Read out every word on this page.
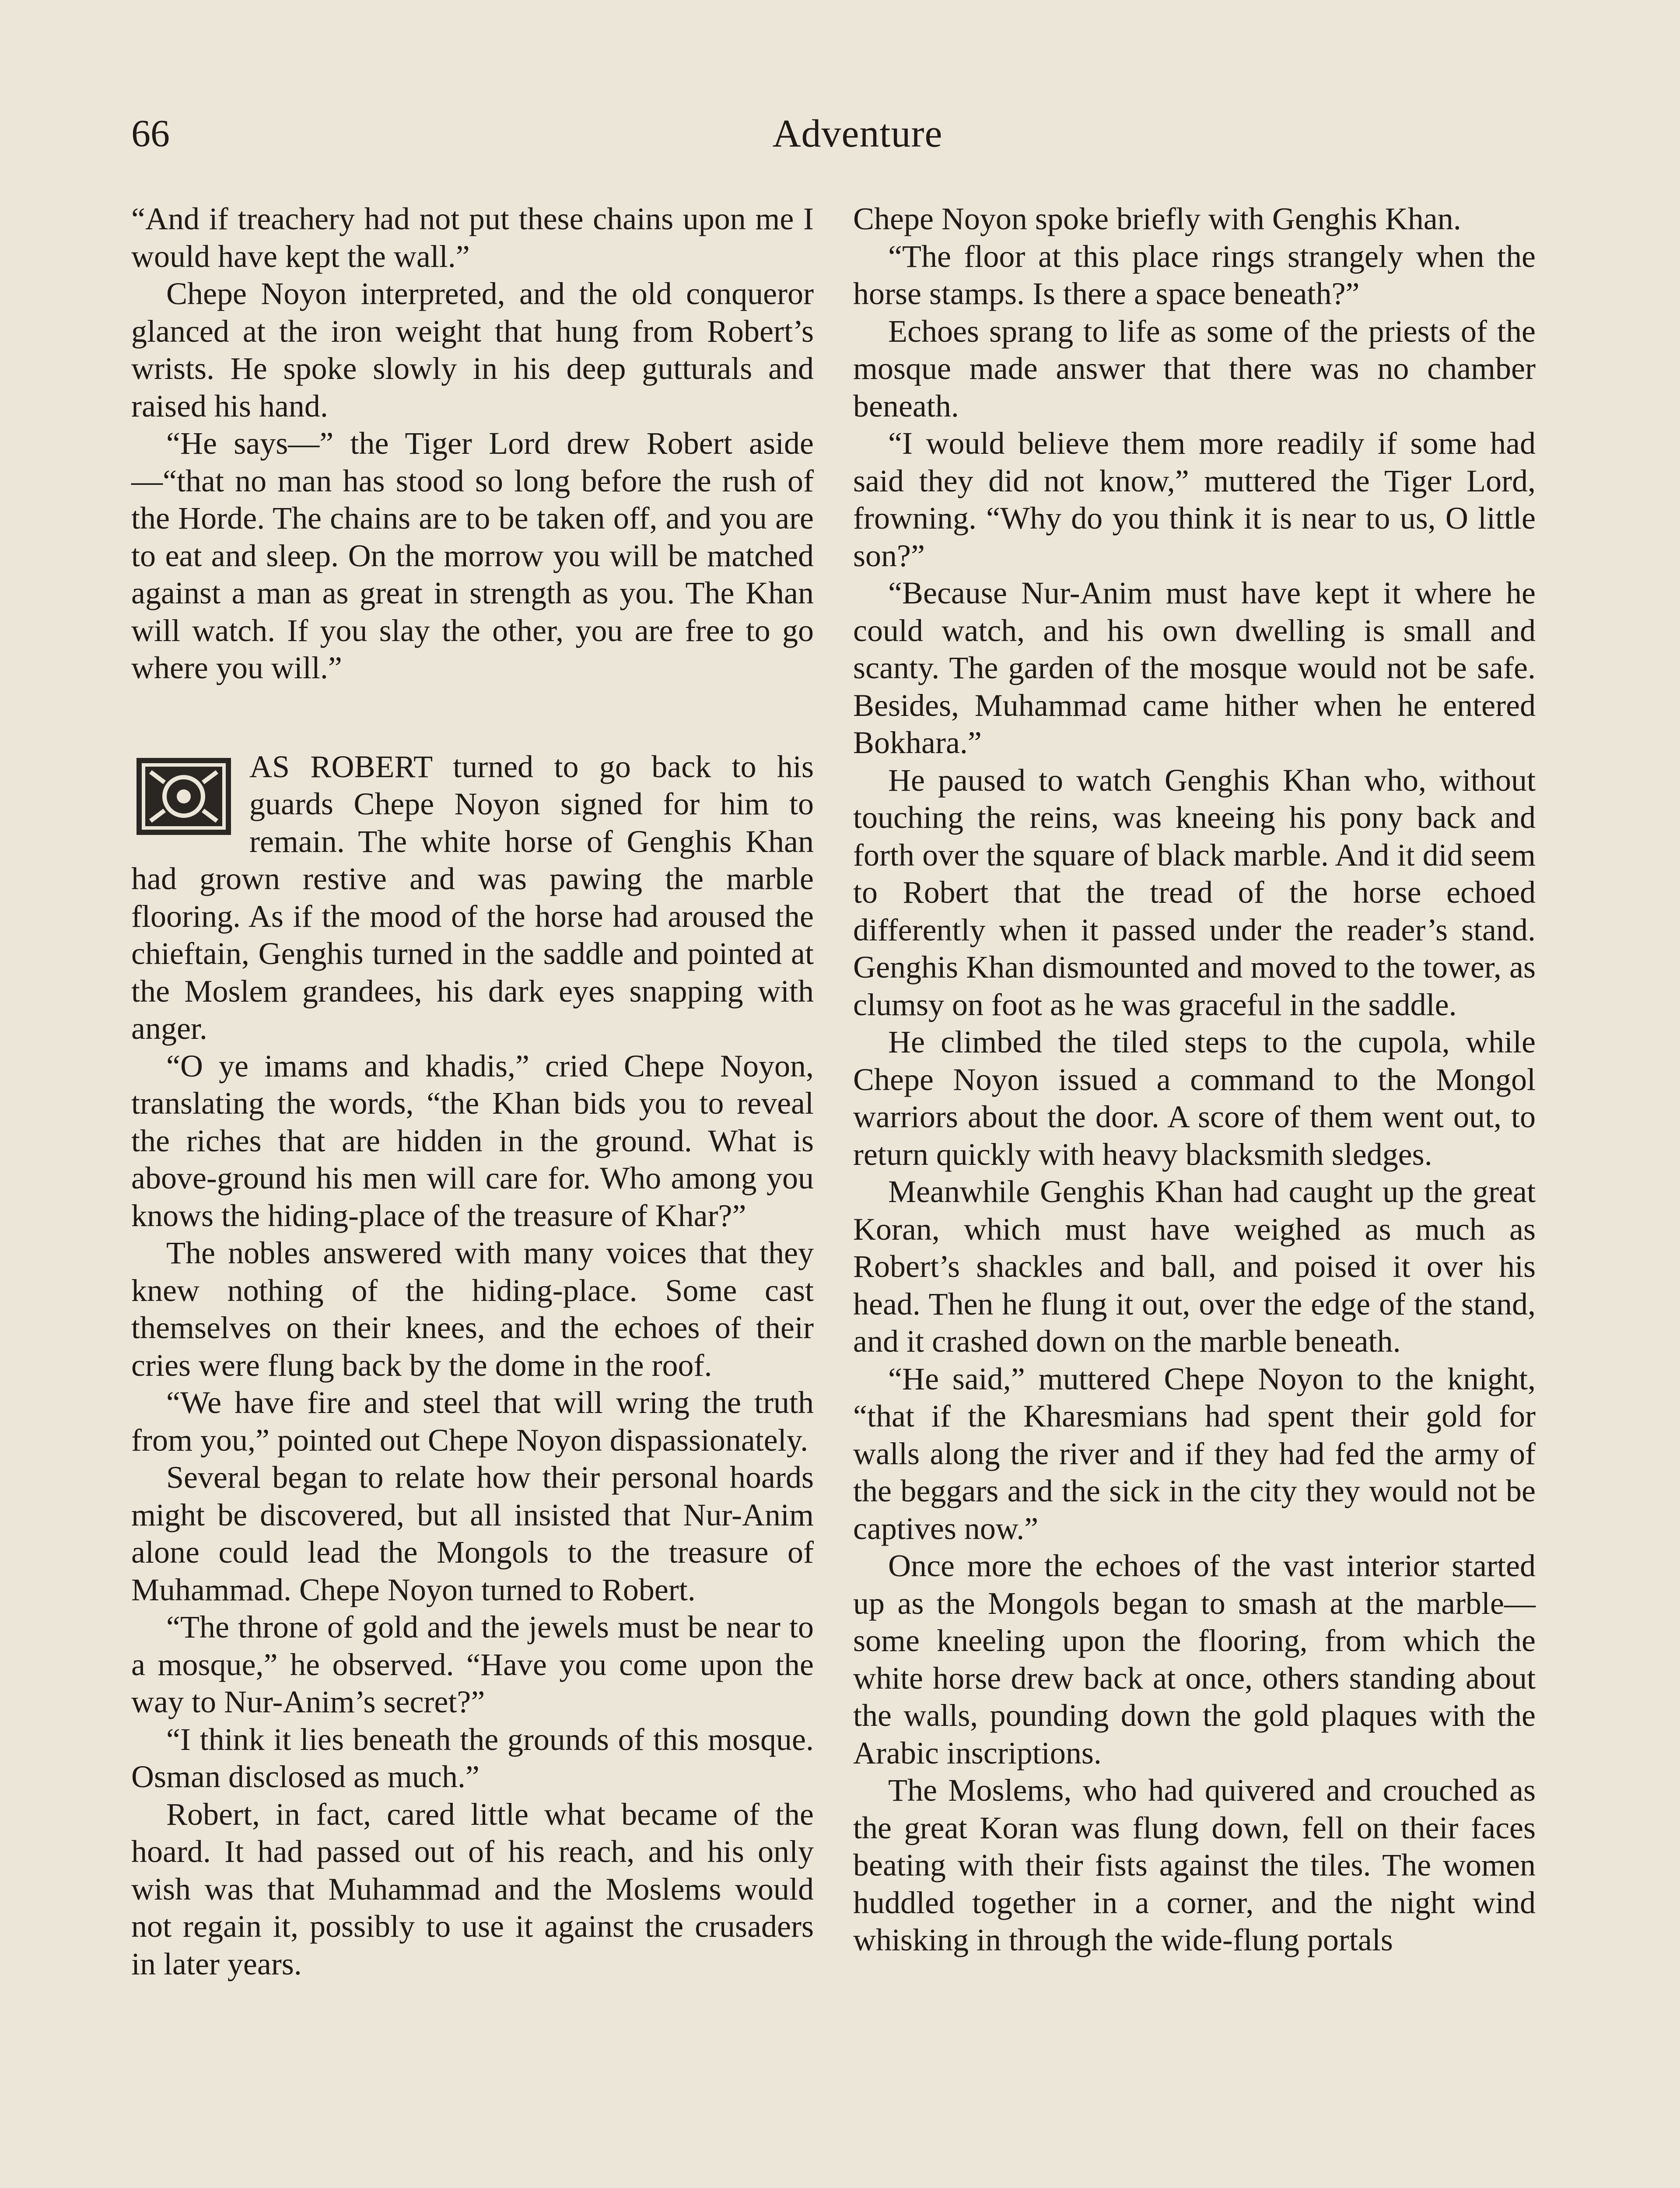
66	Adventure

“And if treachery had not put these chains upon me I would have kept the wall.”

Chepe Noyon interpreted, and the old conqueror glanced at the iron weight that hung from Robert’s wrists. He spoke slowly in his deep gutturals and raised his hand.

“He says—” the Tiger Lord drew Robert aside—“that no man has stood so long before the rush of the Horde. The chains are to be taken off, and you are to eat and sleep. On the morrow you will be matched against a man as great in strength as you. The Khan will watch. If you slay the other, you are free to go where you will.”

AS ROBERT turned to go back to his guards Chepe Noyon signed for him to remain. The white horse of Genghis Khan had grown restive and was pawing the marble flooring. As if the mood of the horse had aroused the chieftain, Genghis turned in the saddle and pointed at the Moslem grandees, his dark eyes snapping with anger.

“O ye imams and khadis,” cried Chepe Noyon, translating the words, “the Khan bids you to reveal the riches that are hidden in the ground. What is above-ground his men will care for. Who among you knows the hiding-place of the treasure of Khar?”

The nobles answered with many voices that they knew nothing of the hiding-place. Some cast themselves on their knees, and the echoes of their cries were flung back by the dome in the roof.

“We have fire and steel that will wring the truth from you,” pointed out Chepe Noyon dispassionately.

Several began to relate how their personal hoards might be discovered, but all insisted that Nur-Anim alone could lead the Mongols to the treasure of Muhammad. Chepe Noyon turned to Robert.

“The throne of gold and the jewels must be near to a mosque,” he observed. “Have you come upon the way to Nur-Anim’s secret?”

“I think it lies beneath the grounds of this mosque. Osman disclosed as much.”

Robert, in fact, cared little what became of the hoard. It had passed out of his reach, and his only wish was that Muhammad and the Moslems would not regain it, possibly to use it against the crusaders in later years.

Chepe Noyon spoke briefly with Genghis Khan.

“The floor at this place rings strangely when the horse stamps. Is there a space beneath?”

Echoes sprang to life as some of the priests of the mosque made answer that there was no chamber beneath.

“I would believe them more readily if some had said they did not know,” muttered the Tiger Lord, frowning. “Why do you think it is near to us, O little son?”

“Because Nur-Anim must have kept it where he could watch, and his own dwelling is small and scanty. The garden of the mosque would not be safe. Besides, Muhammad came hither when he entered Bokhara.”

He paused to watch Genghis Khan who, without touching the reins, was kneeing his pony back and forth over the square of black marble. And it did seem to Robert that the tread of the horse echoed differently when it passed under the reader’s stand. Genghis Khan dismounted and moved to the tower, as clumsy on foot as he was graceful in the saddle.

He climbed the tiled steps to the cupola, while Chepe Noyon issued a command to the Mongol warriors about the door. A score of them went out, to return quickly with heavy blacksmith sledges.

Meanwhile Genghis Khan had caught up the great Koran, which must have weighed as much as Robert’s shackles and ball, and poised it over his head. Then he flung it out, over the edge of the stand, and it crashed down on the marble beneath.

“He said,” muttered Chepe Noyon to the knight, “that if the Kharesmians had spent their gold for walls along the river and if they had fed the army of the beggars and the sick in the city they would not be captives now.”

Once more the echoes of the vast interior started up as the Mongols began to smash at the marble—some kneeling upon the flooring, from which the white horse drew back at once, others standing about the walls, pounding down the gold plaques with the Arabic inscriptions.

The Moslems, who had quivered and crouched as the great Koran was flung down, fell on their faces beating with their fists against the tiles. The women huddled together in a corner, and the night wind whisking in through the wide-flung portals
